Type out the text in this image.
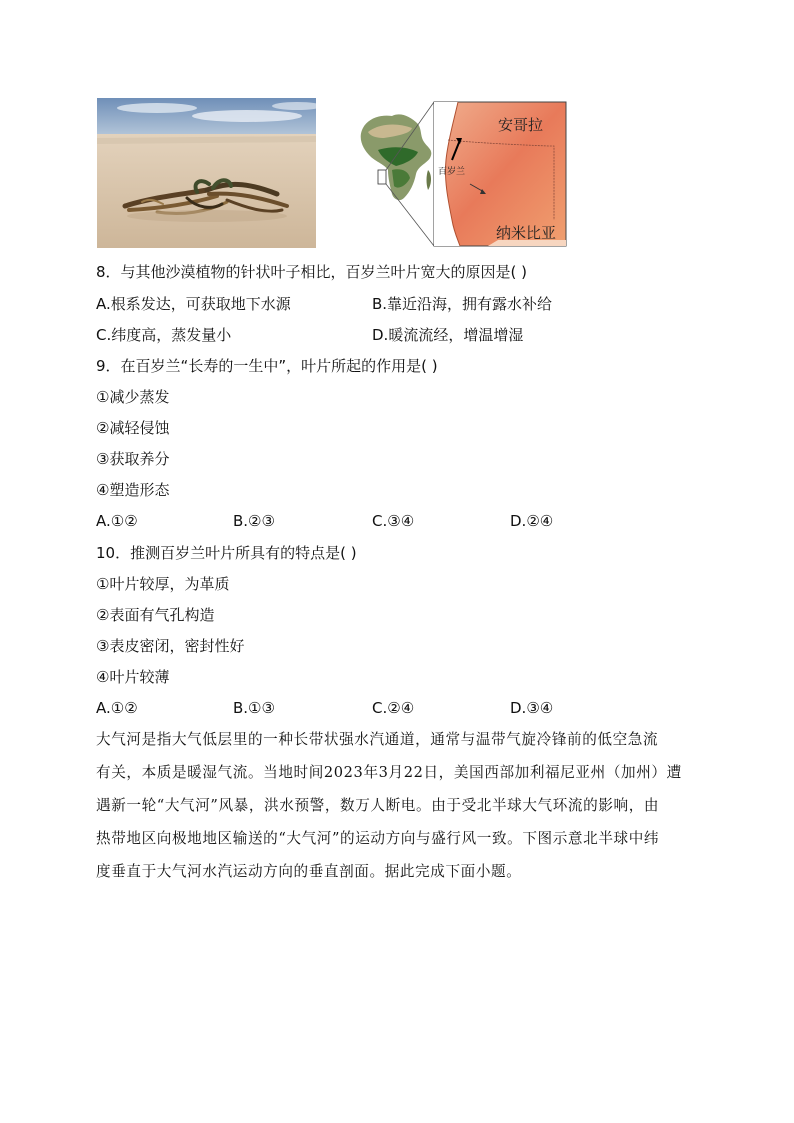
安哥拉
百岁兰
纳米比亚
8．与其他沙漠植物的针状叶子相比，百岁兰叶片宽大的原因是( )
A.根系发达，可获取地下水源	B.靠近沿海，拥有露水补给
C.纬度高，蒸发量小	D.暖流流经，增温增湿
9．在百岁兰“长寿的一生中”，叶片所起的作用是( )
①减少蒸发
②减轻侵蚀
③获取养分
④塑造形态
A.①②	B.②③	C.③④	D.②④
10．推测百岁兰叶片所具有的特点是( )
①叶片较厚，为革质
②表面有气孔构造
③表皮密闭，密封性好
④叶片较薄
A.①②	B.①③	C.②④	D.③④
大气河是指大气低层里的一种长带状强水汽通道，通常与温带气旋冷锋前的低空急流
有关，本质是暖湿气流。当地时间2023年3月22日，美国西部加利福尼亚州（加州）遭
遇新一轮“大气河”风暴，洪水预警，数万人断电。由于受北半球大气环流的影响，由
热带地区向极地地区输送的“大气河”的运动方向与盛行风一致。下图示意北半球中纬
度垂直于大气河水汽运动方向的垂直剖面。据此完成下面小题。
